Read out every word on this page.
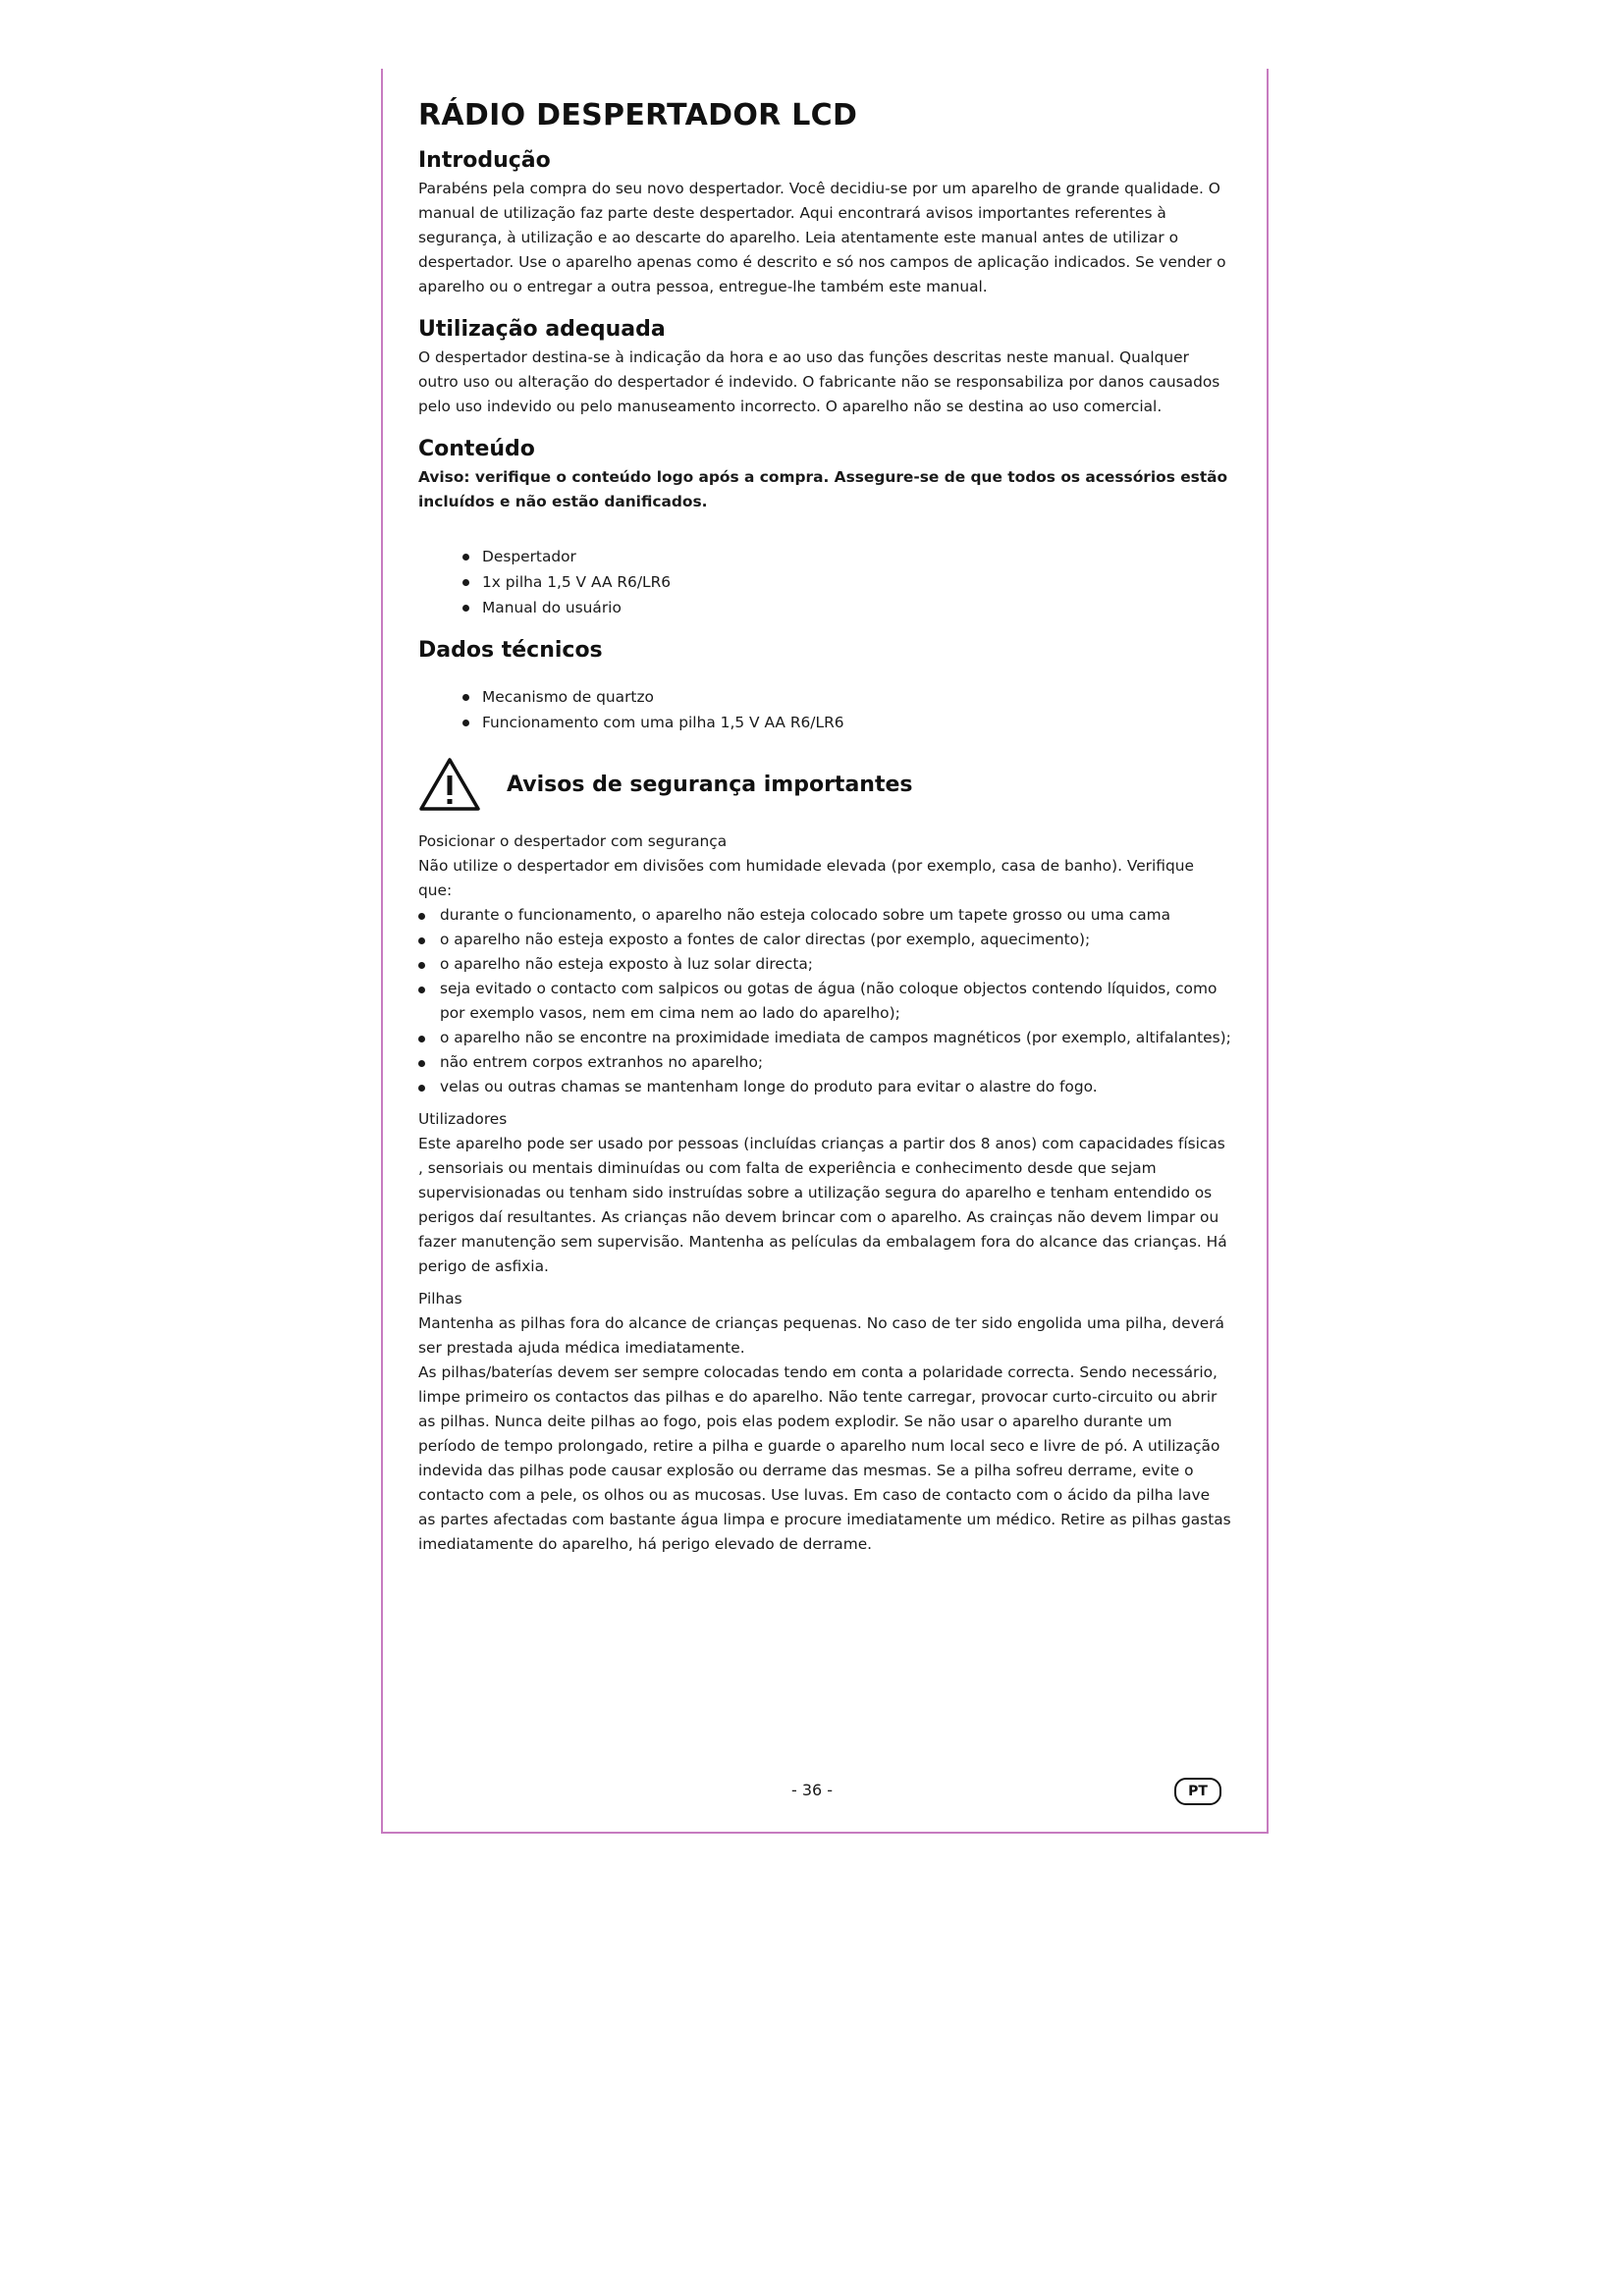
RÁDIO DESPERTADOR LCD
Introdução

Parabéns pela compra do seu novo despertador. Você decidiu-se por um aparelho de grande qualidade. O manual de utilização faz parte deste despertador. Aqui encontrará avisos importantes referentes à segurança, à utilização e ao descarte do aparelho. Leia atentamente este manual antes de utilizar o despertador. Use o aparelho apenas como é descrito e só nos campos de aplicação indicados. Se vender o aparelho ou o entregar a outra pessoa, entregue-lhe também este manual.

Utilização adequada

O despertador destina-se à indicação da hora e ao uso das funções descritas neste manual. Qualquer outro uso ou alteração do despertador é indevido. O fabricante não se responsabiliza por danos causados pelo uso indevido ou pelo manuseamento incorrecto. O aparelho não se destina ao uso comercial.

Conteúdo

Aviso: verifique o conteúdo logo após a compra. Assegure-se de que todos os acessórios estão incluídos e não estão danificados.

Despertador
1x pilha 1,5 V AA R6/LR6
Manual do usuário
Dados técnicos
Mecanismo de quartzo
Funcionamento com uma pilha 1,5 V AA R6/LR6
Avisos de segurança importantes
Posicionar o despertador com segurança

Não utilize o despertador em divisões com humidade elevada (por exemplo, casa de banho). Verifique que:

durante o funcionamento, o aparelho não esteja colocado sobre um tapete grosso ou uma cama
o aparelho não esteja exposto a fontes de calor directas (por exemplo, aquecimento);
o aparelho não esteja exposto à luz solar directa;
seja evitado o contacto com salpicos ou gotas de água (não coloque objectos contendo líquidos, como por exemplo vasos, nem em cima nem ao lado do aparelho);
o aparelho não se encontre na proximidade imediata de campos magnéticos (por exemplo, altifalantes);
não entrem corpos extranhos no aparelho;
velas ou outras chamas se mantenham longe do produto para evitar o alastre do fogo.
Utilizadores

Este aparelho pode ser usado por pessoas (incluídas crianças a partir dos 8 anos) com capacidades físicas , sensoriais ou mentais diminuídas ou com falta de experiência e conhecimento desde que sejam supervisionadas ou tenham sido instruídas sobre a utilização segura do aparelho e tenham entendido os perigos daí resultantes. As crianças não devem brincar com o aparelho. As crainças não devem limpar ou fazer manutenção sem supervisão. Mantenha as películas da embalagem fora do alcance das crianças. Há perigo de asfixia.

Pilhas

Mantenha as pilhas fora do alcance de crianças pequenas. No caso de ter sido engolida uma pilha, deverá ser prestada ajuda médica imediatamente.

As pilhas/baterías devem ser sempre colocadas tendo em conta a polaridade correcta. Sendo necessário, limpe primeiro os contactos das pilhas e do aparelho. Não tente carregar, provocar curto-circuito ou abrir as pilhas. Nunca deite pilhas ao fogo, pois elas podem explodir. Se não usar o aparelho durante um período de tempo prolongado, retire a pilha e guarde o aparelho num local seco e livre de pó. A utilização indevida das pilhas pode causar explosão ou derrame das mesmas. Se a pilha sofreu derrame, evite o contacto com a pele, os olhos ou as mucosas. Use luvas. Em caso de contacto com o ácido da pilha lave as partes afectadas com bastante água limpa e procure imediatamente um médico. Retire as pilhas gastas imediatamente do aparelho, há perigo elevado de derrame.

- 36 -	PT
